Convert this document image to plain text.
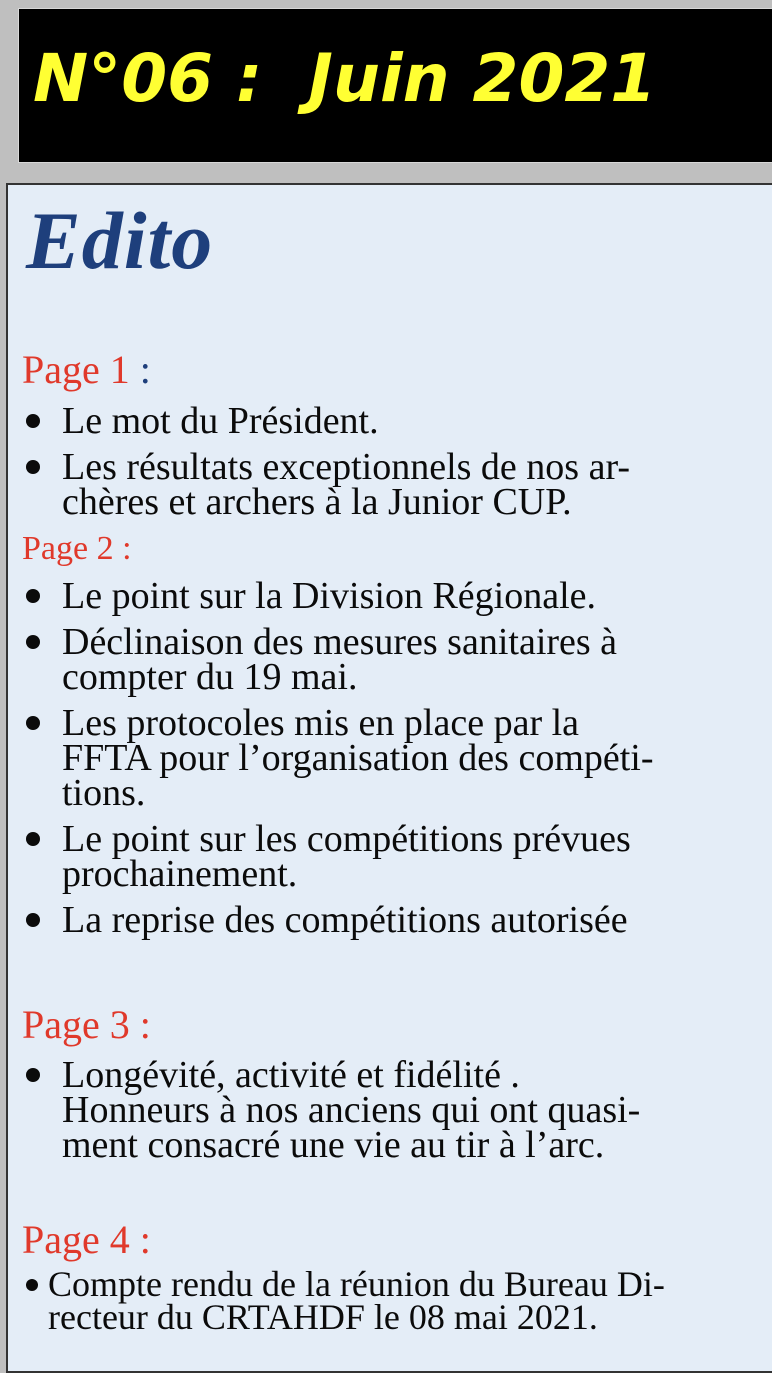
N°06 :  Juin 2021
Edito

Page 1 :

Le mot du Président.
Les résultats exceptionnels de nos ar-
chères et archers à la Junior CUP.

Page 2 :

Le point sur la Division Régionale.
Déclinaison des mesures sanitaires à
compter du 19 mai.
Les protocoles mis en place par la
FFTA pour l’organisation des compéti-
tions.
Le point sur les compétitions prévues
prochainement.
La reprise des compétitions autorisée

Page 3 :

Longévité, activité et fidélité .
Honneurs à nos anciens qui ont quasi-
ment consacré une vie au tir à l’arc.

Page 4 :

Compte rendu de la réunion du Bureau Di-
recteur du CRTAHDF le 08 mai 2021.
